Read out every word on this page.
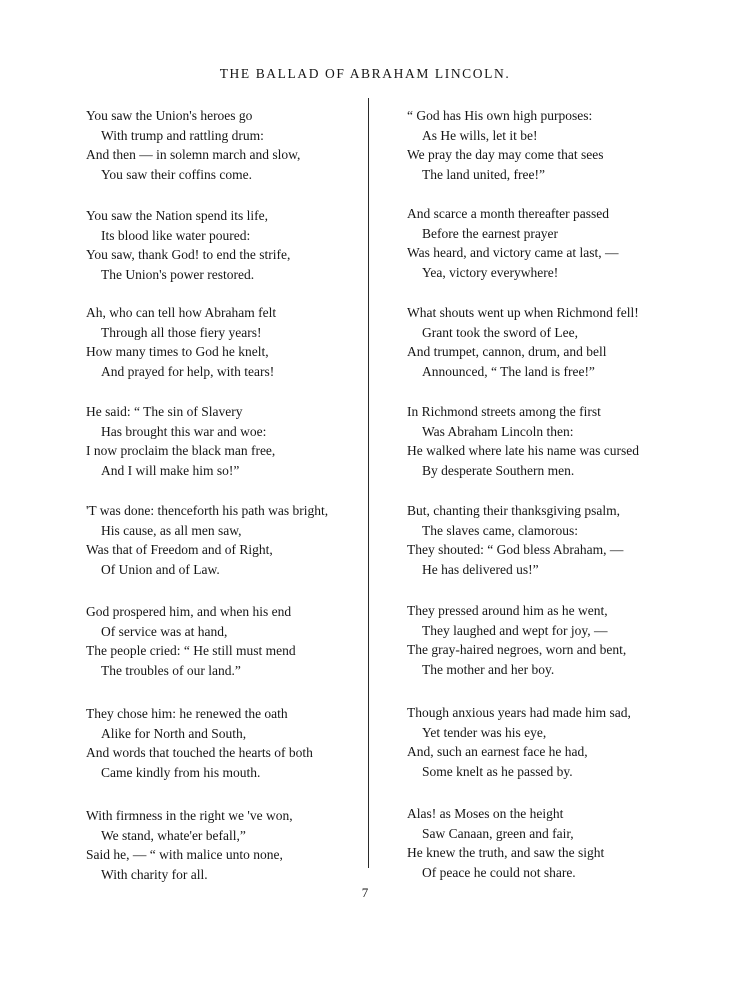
THE BALLAD OF ABRAHAM LINCOLN.
You saw the Union's heroes go
With trump and rattling drum:
And then — in solemn march and slow,
You saw their coffins come.
You saw the Nation spend its life,
Its blood like water poured:
You saw, thank God! to end the strife,
The Union's power restored.
Ah, who can tell how Abraham felt
Through all those fiery years!
How many times to God he knelt,
And prayed for help, with tears!
He said: “ The sin of Slavery
Has brought this war and woe:
I now proclaim the black man free,
And I will make him so!”
'T was done: thenceforth his path was bright,
His cause, as all men saw,
Was that of Freedom and of Right,
Of Union and of Law.
God prospered him, and when his end
Of service was at hand,
The people cried: “ He still must mend
The troubles of our land.”
They chose him: he renewed the oath
Alike for North and South,
And words that touched the hearts of both
Came kindly from his mouth.
With firmness in the right we 've won,
We stand, whate'er befall,”
Said he, — “ with malice unto none,
With charity for all.
“ God has His own high purposes:
As He wills, let it be!
We pray the day may come that sees
The land united, free!”
And scarce a month thereafter passed
Before the earnest prayer
Was heard, and victory came at last, —
Yea, victory everywhere!
What shouts went up when Richmond fell!
Grant took the sword of Lee,
And trumpet, cannon, drum, and bell
Announced, “ The land is free!”
In Richmond streets among the first
Was Abraham Lincoln then:
He walked where late his name was cursed
By desperate Southern men.
But, chanting their thanksgiving psalm,
The slaves came, clamorous:
They shouted: “ God bless Abraham, —
He has delivered us!”
They pressed around him as he went,
They laughed and wept for joy, —
The gray-haired negroes, worn and bent,
The mother and her boy.
Though anxious years had made him sad,
Yet tender was his eye,
And, such an earnest face he had,
Some knelt as he passed by.
Alas! as Moses on the height
Saw Canaan, green and fair,
He knew the truth, and saw the sight
Of peace he could not share.
7
